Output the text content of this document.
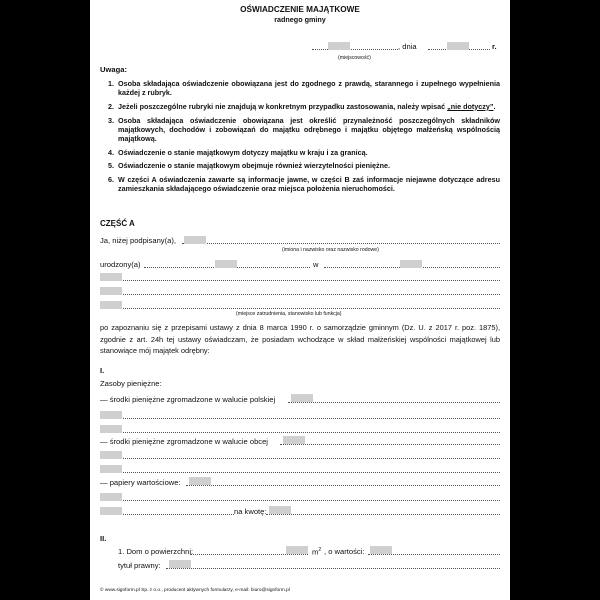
OŚWIADCZENIE MAJĄTKOWE
radnego gminy
, dnia	r.
(miejscowość)
Uwaga:
1. Osoba składająca oświadczenie obowiązana jest do zgodnego z prawdą, starannego i zupełnego wypełnienia każdej z rubryk.
2. Jeżeli poszczególne rubryki nie znajdują w konkretnym przypadku zastosowania, należy wpisać „nie dotyczy”.
3. Osoba składająca oświadczenie obowiązana jest określić przynależność poszczególnych składników majątkowych, dochodów i zobowiązań do majątku odrębnego i majątku objętego małżeńską wspólnością majątkową.
4. Oświadczenie o stanie majątkowym dotyczy majątku w kraju i za granicą.
5. Oświadczenie o stanie majątkowym obejmuje również wierzytelności pieniężne.
6. W części A oświadczenia zawarte są informacje jawne, w części B zaś informacje niejawne dotyczące adresu zamieszkania składającego oświadczenie oraz miejsca położenia nieruchomości.
CZĘŚĆ A
Ja, niżej podpisany(a),
(imiona i nazwisko oraz nazwisko rodowe)
urodzony(a)	w
(miejsce zatrudnienia, stanowisko lub funkcja)
po zapoznaniu się z przepisami ustawy z dnia 8 marca 1990 r. o samorządzie gminnym (Dz. U. z 2017 r. poz. 1875), zgodnie z art. 24h tej ustawy oświadczam, że posiadam wchodzące w skład małżeńskiej wspólności majątkowej lub stanowiące mój majątek odrębny:
I.
Zasoby pieniężne:
— środki pieniężne zgromadzone w walucie polskiej
— środki pieniężne zgromadzone w walucie obcej
— papiery wartościowe:
na kwotę:
II.
1. Dom o powierzchni:	$m^2$ , o wartości:
tytuł prawny:
© www.signform.pl Sp. z o.o., producent aktywnych formularzy, e-mail: biuro@signform.pl
